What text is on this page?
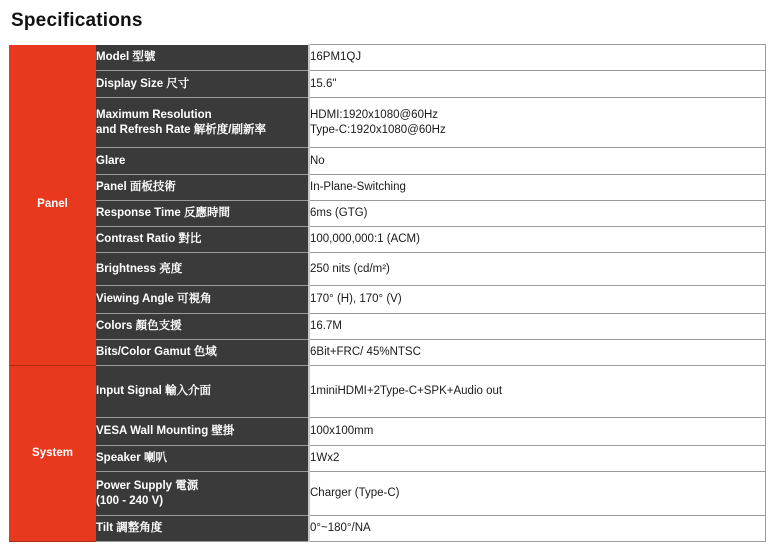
Specifications
Panel	Model 型號	16PM1QJ

	Display Size 尺寸	15.6"

	Maximum Resolution
and Refresh Rate 解析度/刷新率	HDMI:1920x1080@60Hz
Type-C:1920x1080@60Hz

	Glare	No

	Panel 面板技術	In-Plane-Switching

	Response Time 反應時間	6ms (GTG)

	Contrast Ratio 對比	100,000,000:1 (ACM)

	Brightness 亮度	250 nits (cd/m²)

	Viewing Angle 可視角	170° (H), 170° (V)

	Colors 顏色支援	16.7M

	Bits/Color Gamut 色域	6Bit+FRC/ 45%NTSC

System	Input Signal 輸入介面	1miniHDMI+2Type-C+SPK+Audio out

	VESA Wall Mounting 壁掛	100x100mm

	Speaker 喇叭	1Wx2

	Power Supply 電源
(100 - 240 V)	Charger (Type-C)

	Tilt 調整角度	0°~180°/NA
